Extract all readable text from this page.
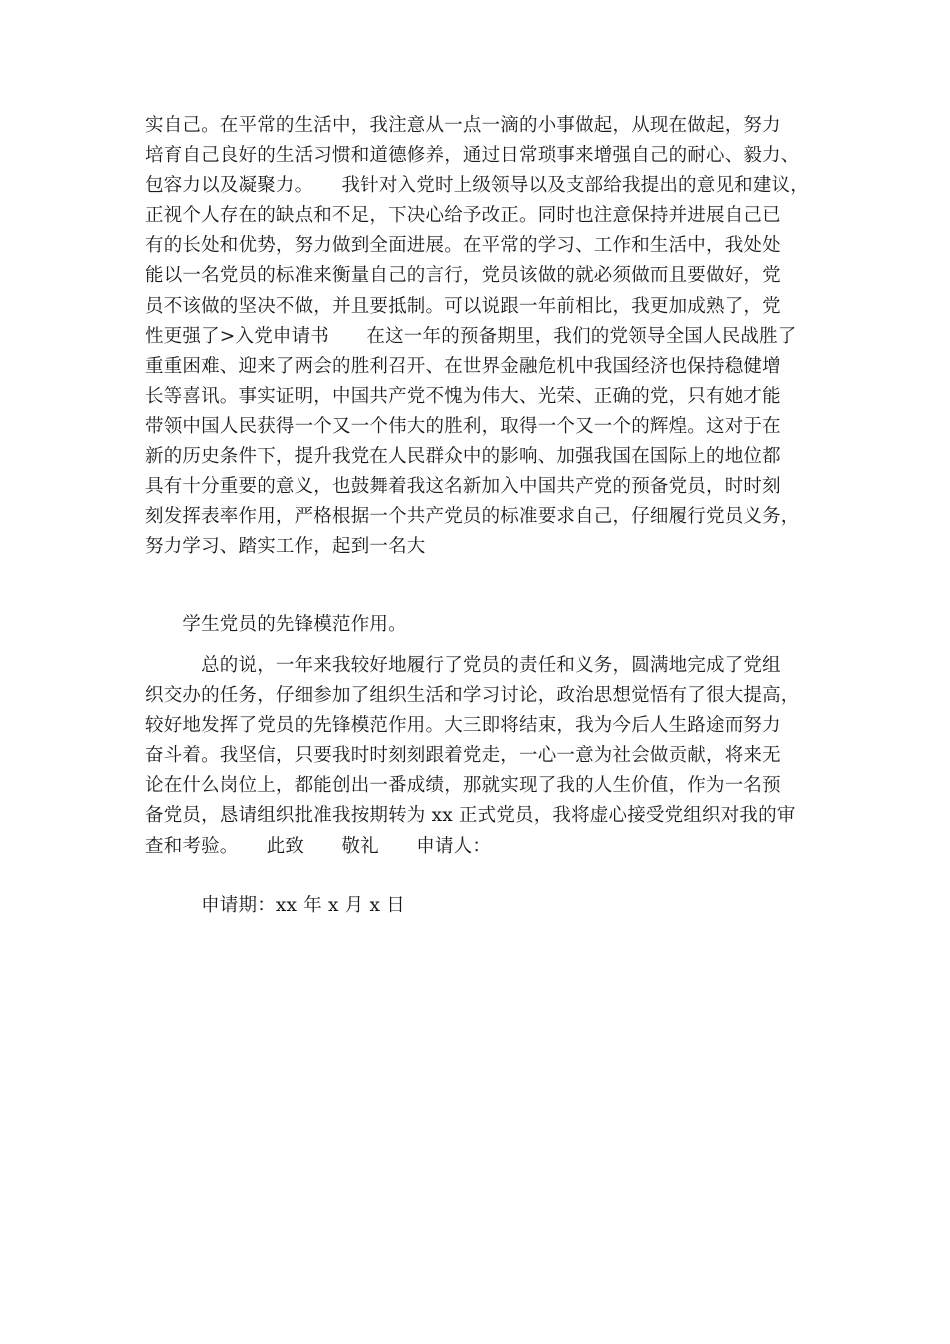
实自己。在平常的生活中，我注意从一点一滴的小事做起，从现在做起，努力
培育自己良好的生活习惯和道德修养，通过日常琐事来增强自己的耐心、毅力、
包容力以及凝聚力。　　我针对入党时上级领导以及支部给我提出的意见和建议，
正视个人存在的缺点和不足，下决心给予改正。同时也注意保持并进展自己已
有的长处和优势，努力做到全面进展。在平常的学习、工作和生活中，我处处
能以一名党员的标准来衡量自己的言行，党员该做的就必须做而且要做好，党
员不该做的坚决不做，并且要抵制。可以说跟一年前相比，我更加成熟了，党
性更强了>入党申请书　　在这一年的预备期里，我们的党领导全国人民战胜了
重重困难、迎来了两会的胜利召开、在世界金融危机中我国经济也保持稳健增
长等喜讯。事实证明，中国共产党不愧为伟大、光荣、正确的党，只有她才能
带领中国人民获得一个又一个伟大的胜利，取得一个又一个的辉煌。这对于在
新的历史条件下，提升我党在人民群众中的影响、加强我国在国际上的地位都
具有十分重要的意义，也鼓舞着我这名新加入中国共产党的预备党员，时时刻
刻发挥表率作用，严格根据一个共产党员的标准要求自己，仔细履行党员义务，
努力学习、踏实工作，起到一名大
　　学生党员的先锋模范作用。
　　　总的说，一年来我较好地履行了党员的责任和义务，圆满地完成了党组
织交办的任务，仔细参加了组织生活和学习讨论，政治思想觉悟有了很大提高，
较好地发挥了党员的先锋模范作用。大三即将结束，我为今后人生路途而努力
奋斗着。我坚信，只要我时时刻刻跟着党走，一心一意为社会做贡献，将来无
论在什么岗位上，都能创出一番成绩，那就实现了我的人生价值，作为一名预
备党员，恳请组织批准我按期转为 xx 正式党员，我将虚心接受党组织对我的审
查和考验。　　此致　　敬礼　　申请人：
　　　申请期：xx 年 x 月 x 日
